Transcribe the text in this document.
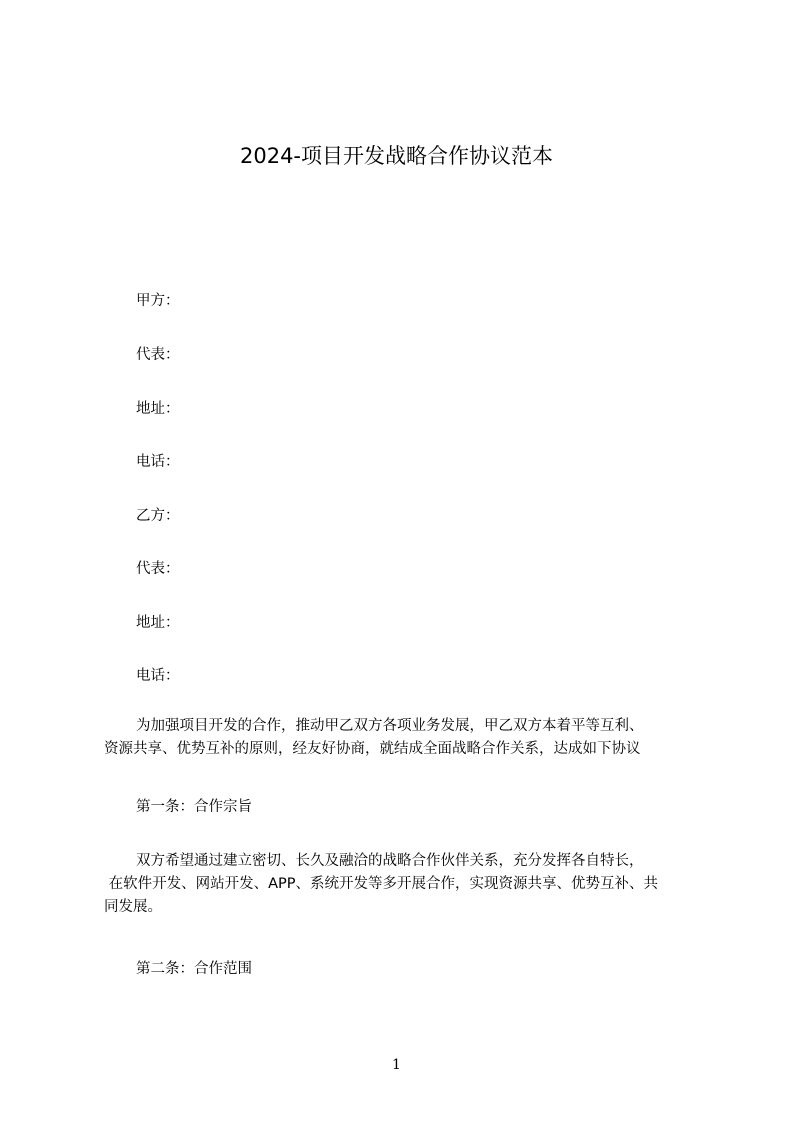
2024-项目开发战略合作协议范本

甲方：

代表：

地址：

电话：

乙方：

代表：

地址：

电话：

为加强项目开发的合作，推动甲乙双方各项业务发展，甲乙双方本着平等互利、
资源共享、优势互补的原则，经友好协商，就结成全面战略合作关系，达成如下协议

第一条：合作宗旨

双方希望通过建立密切、长久及融洽的战略合作伙伴关系，充分发挥各自特长，
在软件开发、网站开发、APP、系统开发等多开展合作，实现资源共享、优势互补、共
同发展。

第二条：合作范围

1
